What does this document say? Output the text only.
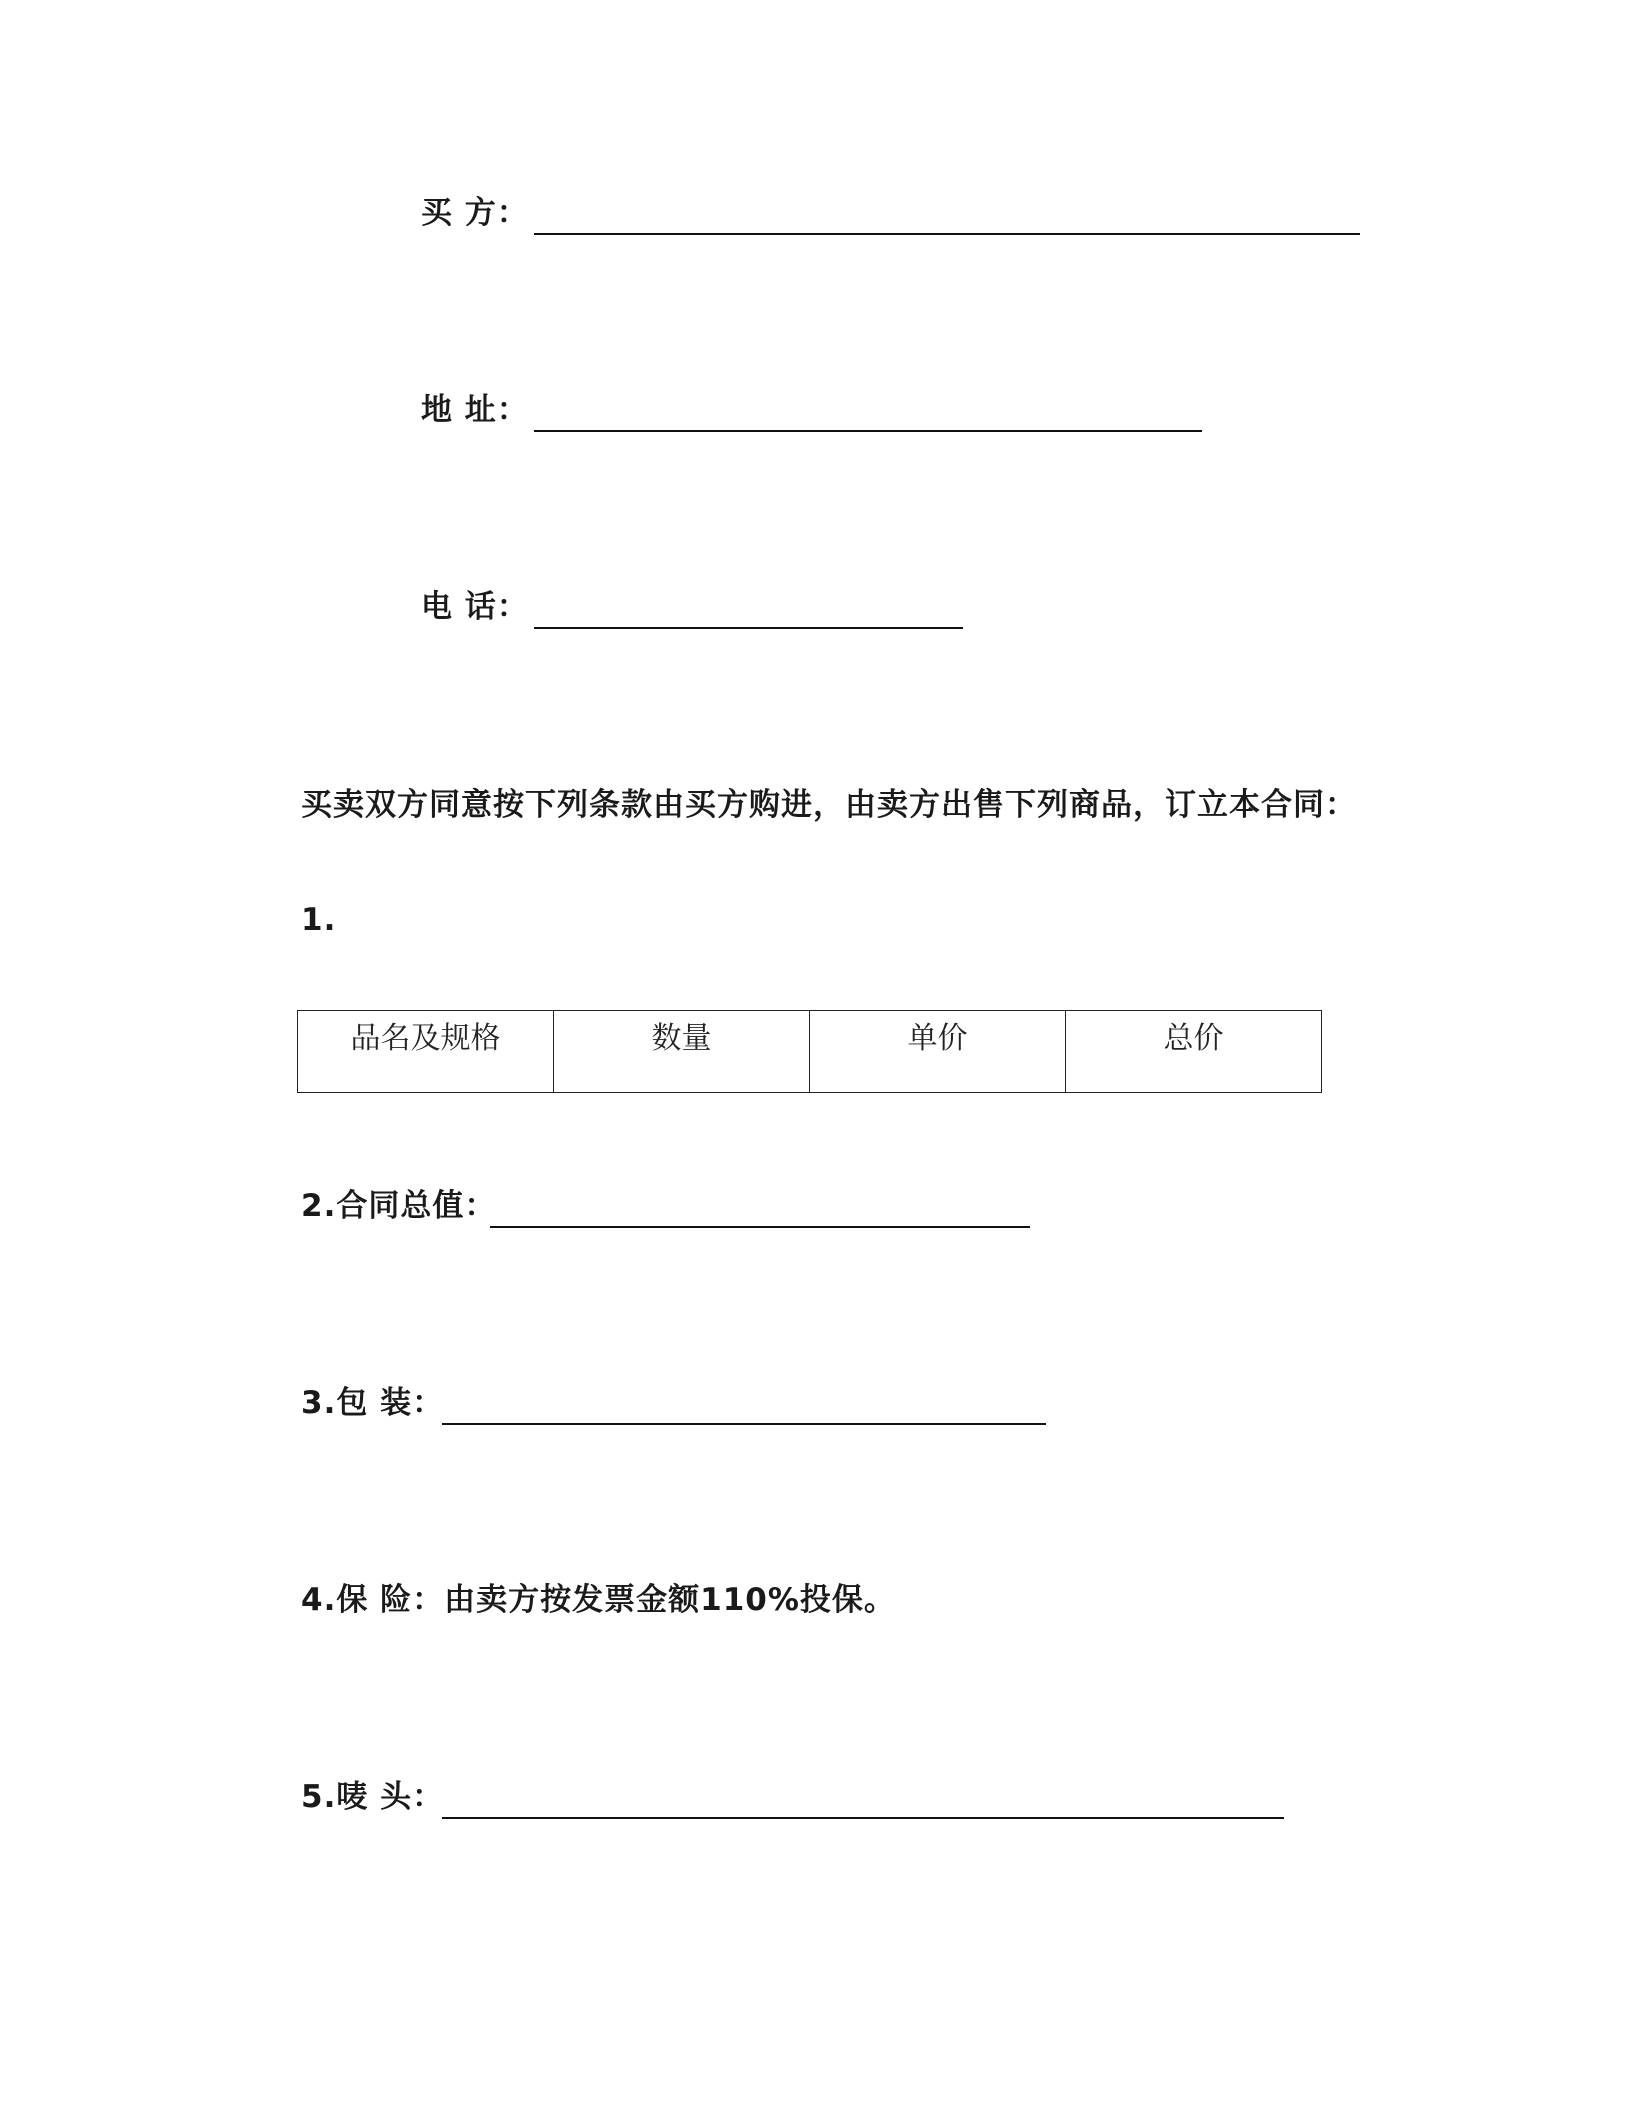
买 方：
地 址：
电 话：
买卖双方同意按下列条款由买方购进，由卖方出售下列商品，订立本合同：
1.
品名及规格	数量	单价	总价
2.合同总值：
3.包 装：
4.保 险：由卖方按发票金额110%投保。
5.唛 头：
